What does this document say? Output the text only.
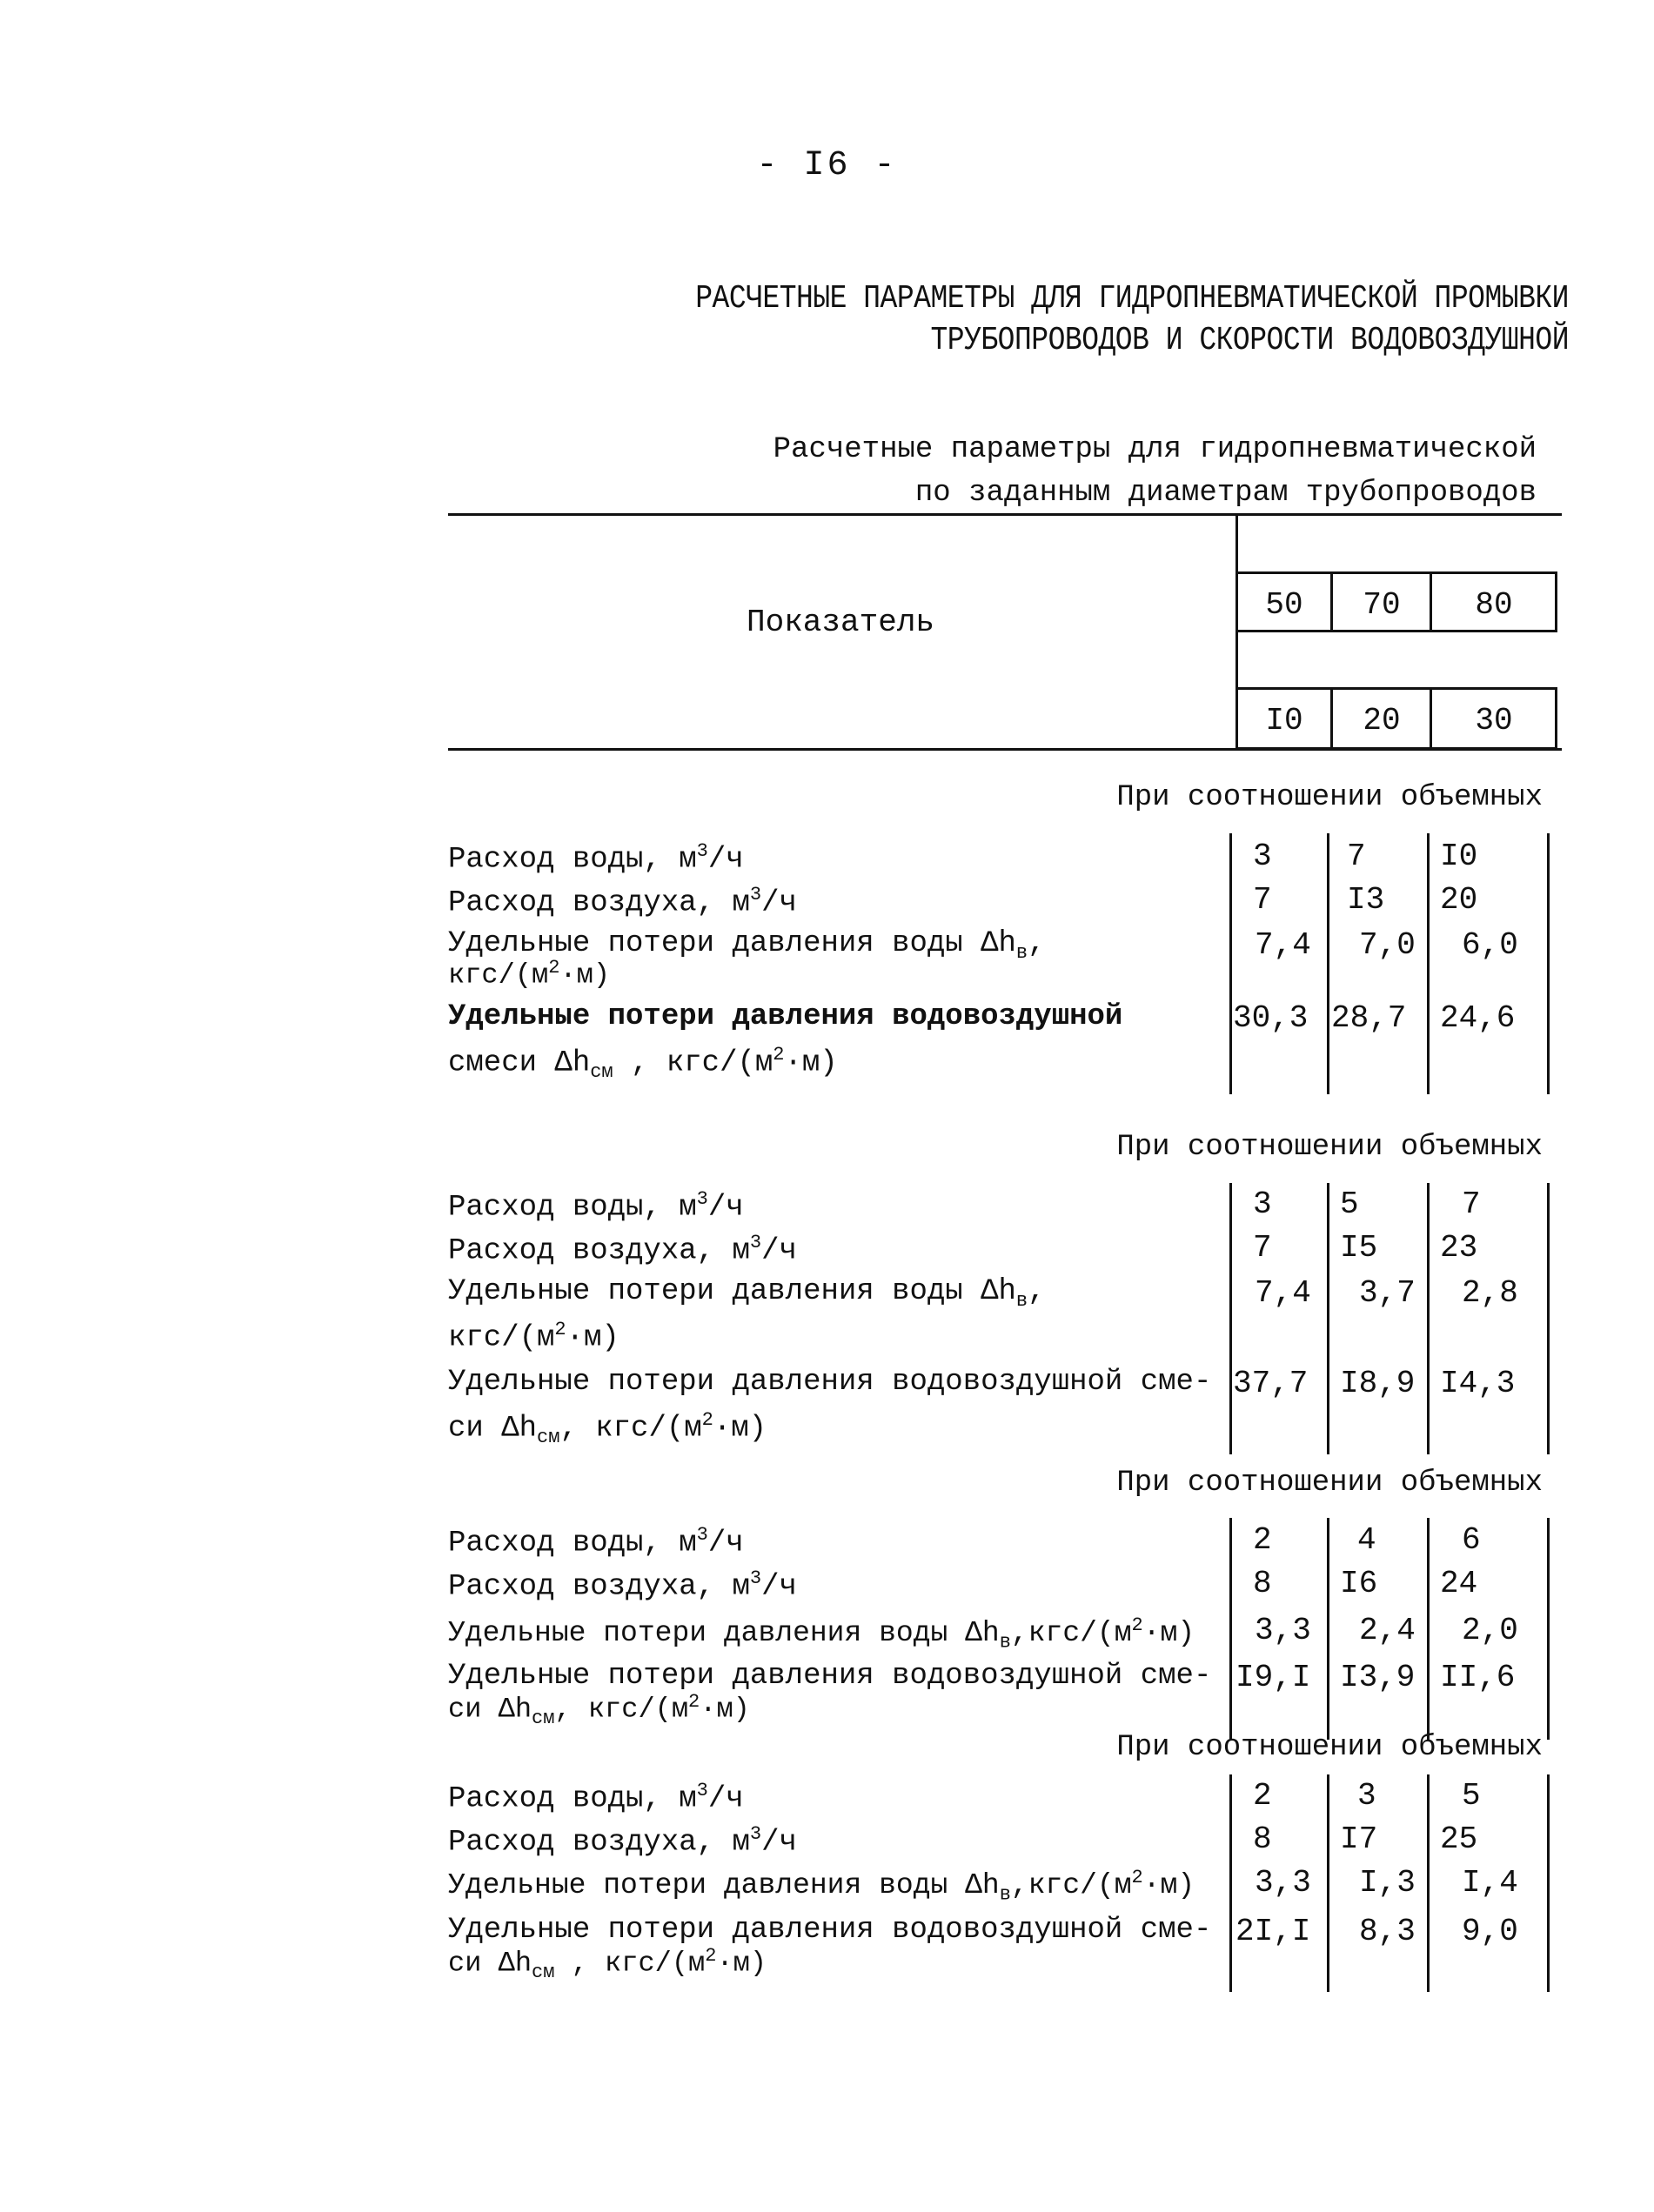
- I6 -
РАСЧЕТНЫЕ ПАРАМЕТРЫ ДЛЯ ГИДРОПНЕВМАТИЧЕСКОЙ ПРОМЫВКИ
ТРУБОПРОВОДОВ И СКОРОСТИ ВОДОВОЗДУШНОЙ
Расчетные параметры для гидропневматической
по заданным диаметрам трубопроводов
Показатель	50	70	80
I0	20	30
При соотношении объемных
Расход воды, $м^3/ч$	3 7 I0
Расход воздуха, $м^3/ч$	7 I3 20
Удельные потери давления воды $\Delta h_в$,
кгс/$(м^2\cdot м)$
7,4 7,0 6,0
Удельные потери давления водовоздушной
смеси $\Delta h_{см}$ , кгс/$(м^2\cdot м)$
30,3 28,7 24,6
При соотношении объемных
Расход воды, $м^3/ч$	3 5	7
Расход воздуха, $м^3/ч$	7 I5 23
Удельные потери давления воды $\Delta h_в$,
кгс/$(м^2\cdot м)$
7,4 3,7 2,8
Удельные потери давления водовоздушной сме-
си $\Delta h_{см}$, кгс/$(м^2\cdot м)$
37,7 I8,9 I4,3
При соотношении объемных
Расход воды, $м^3/ч$	2	4	6
Расход воздуха, $м^3/ч$	8 I6 24
Удельные потери давления воды $\Delta h_в,кгс/(м^2\cdot м)$ 3,3 2,4 2,0
Удельные потери давления водовоздушной сме-
си $\Delta h_{см}$, кгс/$(м^2\cdot м)$
I9,I I3,9 II,6
При соотношении объемных
Расход воды, $м^3/ч$	2	3	5
Расход воздуха, $м^3/ч$	8 I7 25
Удельные потери давления воды $\Delta h_в,кгс/(м^2\cdot м)$ 3,3 I,3 I,4
Удельные потери давления водовоздушной сме-
си $\Delta h_{см}$ , кгс/$(м^2\cdot м)$
2I,I 8,3 9,0
